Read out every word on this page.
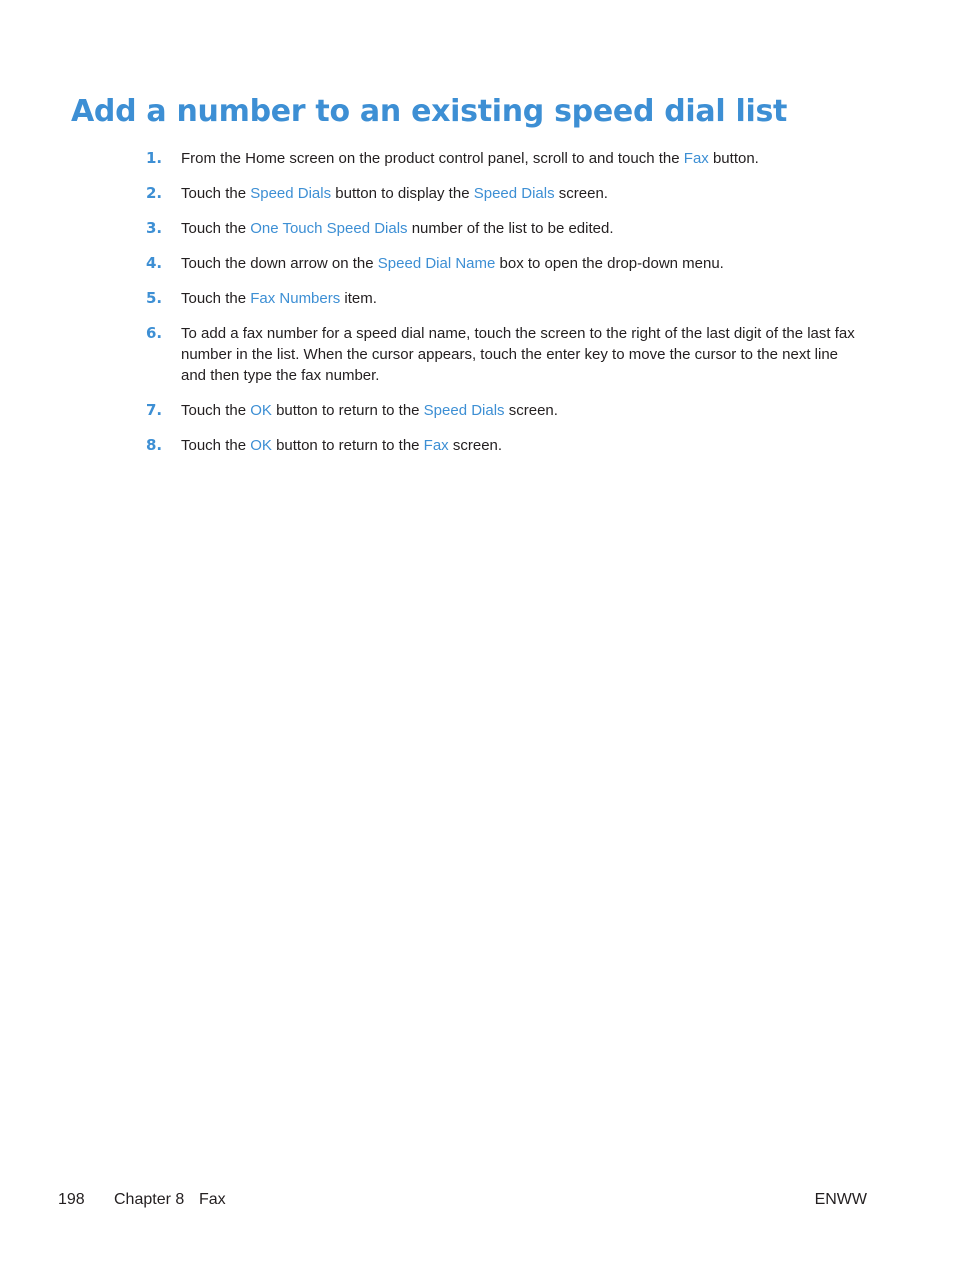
Add a number to an existing speed dial list
1. From the Home screen on the product control panel, scroll to and touch the Fax button.
2. Touch the Speed Dials button to display the Speed Dials screen.
3. Touch the One Touch Speed Dials number of the list to be edited.
4. Touch the down arrow on the Speed Dial Name box to open the drop-down menu.
5. Touch the Fax Numbers item.
6. To add a fax number for a speed dial name, touch the screen to the right of the last digit of the last fax number in the list. When the cursor appears, touch the enter key to move the cursor to the next line and then type the fax number.
7. Touch the OK button to return to the Speed Dials screen.
8. Touch the OK button to return to the Fax screen.
198 Chapter 8 Fax	ENWW
